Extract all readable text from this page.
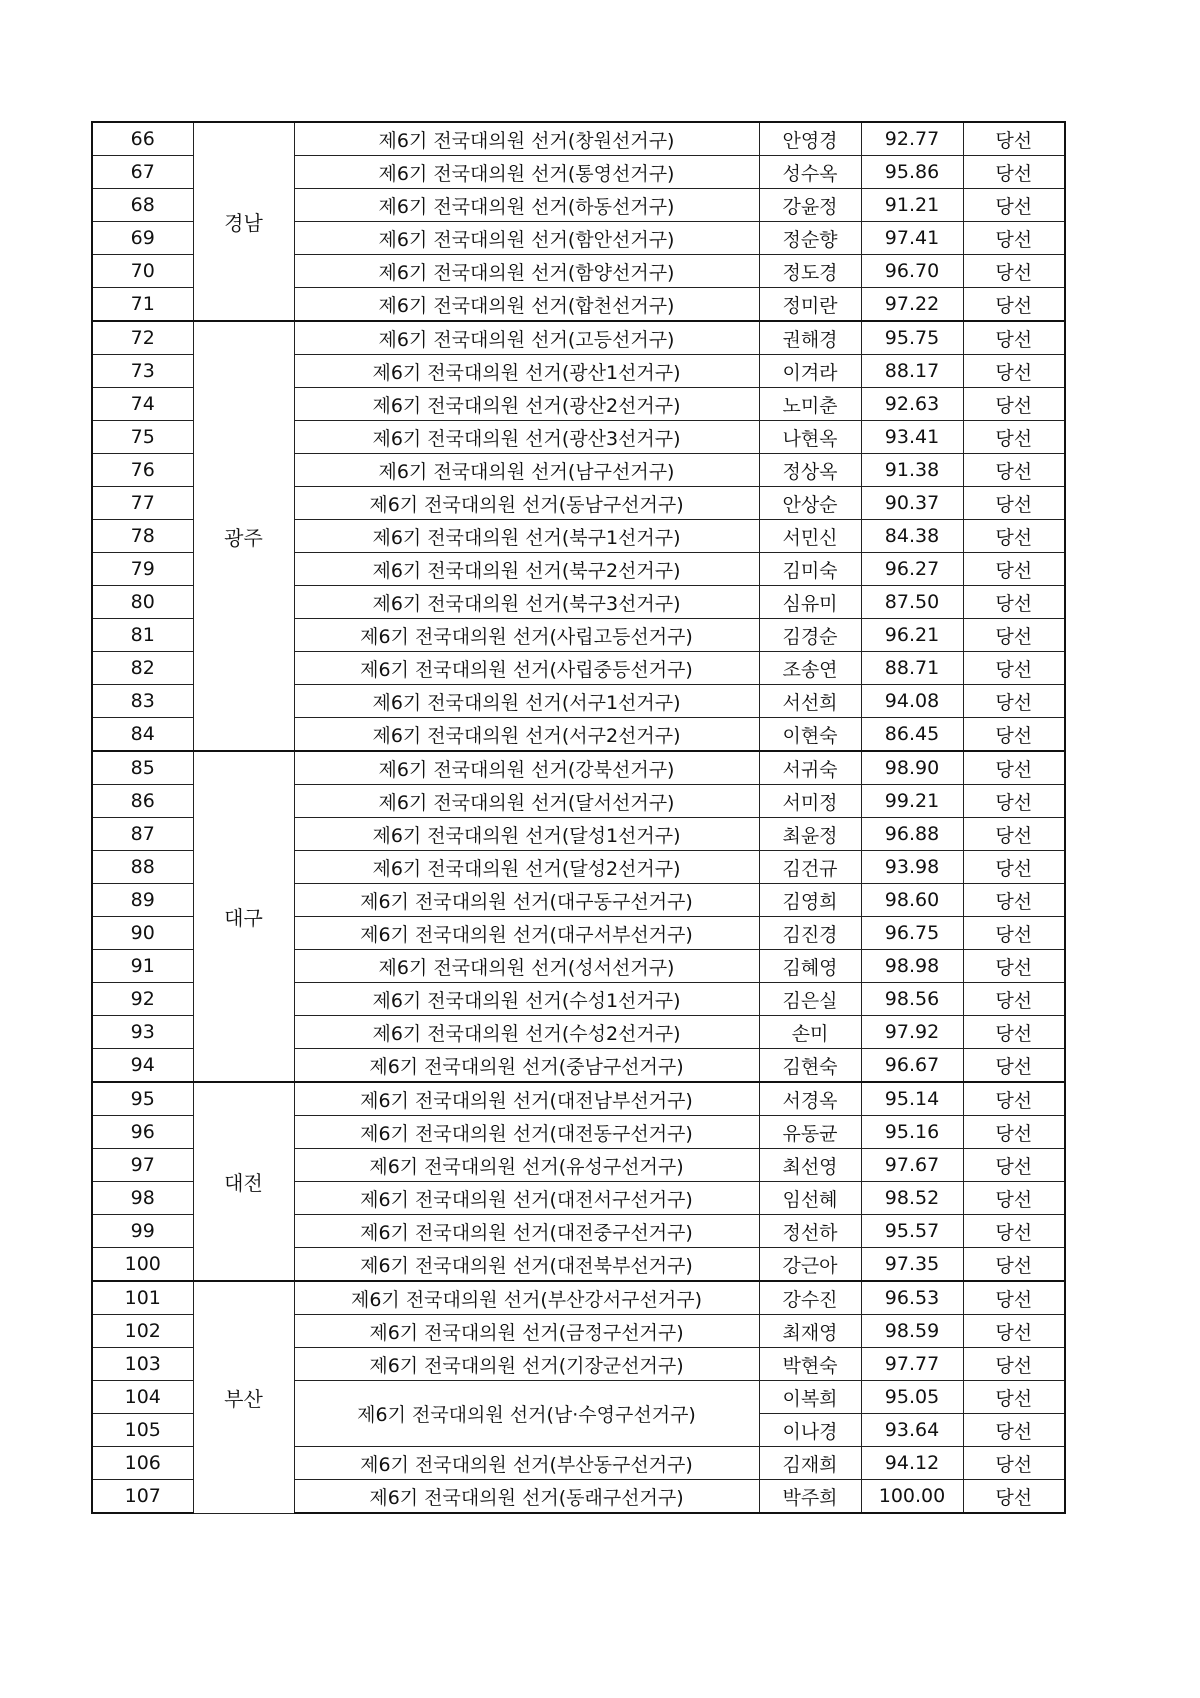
66	경남	제6기 전국대의원 선거(창원선거구)	안영경	92.77	당선
67		제6기 전국대의원 선거(통영선거구)	성수옥	95.86	당선
68		제6기 전국대의원 선거(하동선거구)	강윤정	91.21	당선
69		제6기 전국대의원 선거(함안선거구)	정순향	97.41	당선
70		제6기 전국대의원 선거(함양선거구)	정도경	96.70	당선
71		제6기 전국대의원 선거(합천선거구)	정미란	97.22	당선
72	광주	제6기 전국대의원 선거(고등선거구)	권해경	95.75	당선
73		제6기 전국대의원 선거(광산1선거구)	이겨라	88.17	당선
74		제6기 전국대의원 선거(광산2선거구)	노미춘	92.63	당선
75		제6기 전국대의원 선거(광산3선거구)	나현옥	93.41	당선
76		제6기 전국대의원 선거(남구선거구)	정상옥	91.38	당선
77		제6기 전국대의원 선거(동남구선거구)	안상순	90.37	당선
78		제6기 전국대의원 선거(북구1선거구)	서민신	84.38	당선
79		제6기 전국대의원 선거(북구2선거구)	김미숙	96.27	당선
80		제6기 전국대의원 선거(북구3선거구)	심유미	87.50	당선
81		제6기 전국대의원 선거(사립고등선거구)	김경순	96.21	당선
82		제6기 전국대의원 선거(사립중등선거구)	조송연	88.71	당선
83		제6기 전국대의원 선거(서구1선거구)	서선희	94.08	당선
84		제6기 전국대의원 선거(서구2선거구)	이현숙	86.45	당선
85	대구	제6기 전국대의원 선거(강북선거구)	서귀숙	98.90	당선
86		제6기 전국대의원 선거(달서선거구)	서미정	99.21	당선
87		제6기 전국대의원 선거(달성1선거구)	최윤정	96.88	당선
88		제6기 전국대의원 선거(달성2선거구)	김건규	93.98	당선
89		제6기 전국대의원 선거(대구동구선거구)	김영희	98.60	당선
90		제6기 전국대의원 선거(대구서부선거구)	김진경	96.75	당선
91		제6기 전국대의원 선거(성서선거구)	김혜영	98.98	당선
92		제6기 전국대의원 선거(수성1선거구)	김은실	98.56	당선
93		제6기 전국대의원 선거(수성2선거구)	손미	97.92	당선
94		제6기 전국대의원 선거(중남구선거구)	김현숙	96.67	당선
95	대전	제6기 전국대의원 선거(대전남부선거구)	서경옥	95.14	당선
96		제6기 전국대의원 선거(대전동구선거구)	유동균	95.16	당선
97		제6기 전국대의원 선거(유성구선거구)	최선영	97.67	당선
98		제6기 전국대의원 선거(대전서구선거구)	임선혜	98.52	당선
99		제6기 전국대의원 선거(대전중구선거구)	정선하	95.57	당선
100		제6기 전국대의원 선거(대전북부선거구)	강근아	97.35	당선
101	부산	제6기 전국대의원 선거(부산강서구선거구)	강수진	96.53	당선
102		제6기 전국대의원 선거(금정구선거구)	최재영	98.59	당선
103		제6기 전국대의원 선거(기장군선거구)	박현숙	97.77	당선
104		제6기 전국대의원 선거(남·수영구선거구)	이복희	95.05	당선
105			이나경	93.64	당선
106		제6기 전국대의원 선거(부산동구선거구)	김재희	94.12	당선
107		제6기 전국대의원 선거(동래구선거구)	박주희	100.00	당선
